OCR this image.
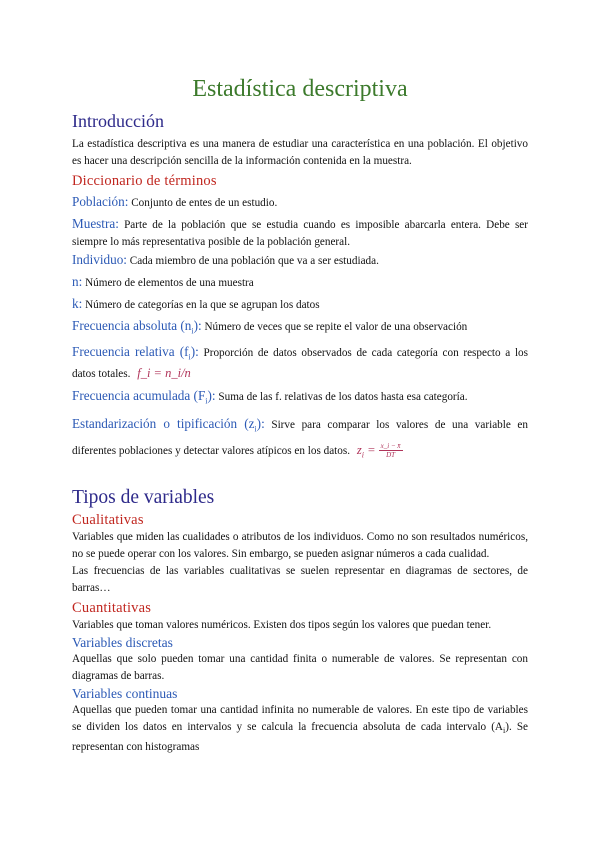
Estadística descriptiva
Introducción

La estadística descriptiva es una manera de estudiar una característica en una población. El objetivo es hacer una descripción sencilla de la información contenida en la muestra.

Diccionario de términos
Población: Conjunto de entes de un estudio.
Muestra: Parte de la población que se estudia cuando es imposible abarcarla entera. Debe ser siempre lo más representativa posible de la población general.
Individuo: Cada miembro de una población que va a ser estudiada.
n: Número de elementos de una muestra
k: Número de categorías en la que se agrupan los datos
Frecuencia absoluta $(n_i)$: Número de veces que se repite el valor de una observación
Frecuencia relativa $(f_i)$: Proporción de datos observados de cada categoría con respecto a los datos totales. f_i = n_i/n
Frecuencia acumulada $(F_i)$: Suma de las f. relativas de los datos hasta esa categoría.
Estandarización o tipificación $(z_i)$: Sirve para comparar los valores de una variable en diferentes poblaciones y detectar valores atípicos en los datos. $z_i = \frac{x\_i - x̄}{DT}$
Tipos de variables
Cualitativas

Variables que miden las cualidades o atributos de los individuos. Como no son resultados numéricos, no se puede operar con los valores. Sin embargo, se pueden asignar números a cada cualidad.

Las frecuencias de las variables cualitativas se suelen representar en diagramas de sectores, de barras…

Cuantitativas

Variables que toman valores numéricos. Existen dos tipos según los valores que puedan tener.

Variables discretas

Aquellas que solo pueden tomar una cantidad finita o numerable de valores. Se representan con diagramas de barras.

Variables continuas

Aquellas que pueden tomar una cantidad infinita no numerable de valores. En este tipo de variables se dividen los datos en intervalos y se calcula la frecuencia absoluta de cada intervalo $(A_i)$. Se representan con histogramas
